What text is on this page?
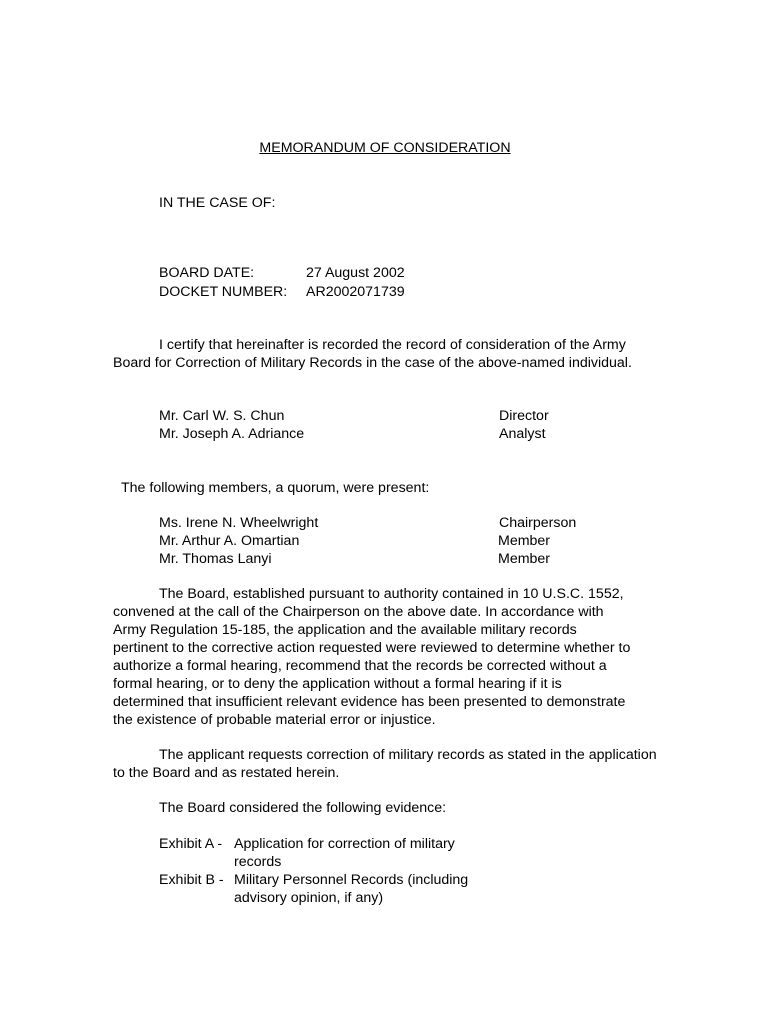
MEMORANDUM OF CONSIDERATION
IN THE CASE OF:
BOARD DATE:	27 August 2002
DOCKET NUMBER: AR2002071739
I certify that hereinafter is recorded the record of consideration of the Army Board for Correction of Military Records in the case of the above-named individual.
Mr. Carl W. S. Chun	Director
Mr. Joseph A. Adriance	Analyst
The following members, a quorum, were present:
Ms. Irene N. Wheelwright	Chairperson
Mr. Arthur A. Omartian	Member
Mr. Thomas Lanyi	Member
The Board, established pursuant to authority contained in 10 U.S.C. 1552, convened at the call of the Chairperson on the above date. In accordance with Army Regulation 15-185, the application and the available military records pertinent to the corrective action requested were reviewed to determine whether to authorize a formal hearing, recommend that the records be corrected without a formal hearing, or to deny the application without a formal hearing if it is determined that insufficient relevant evidence has been presented to demonstrate the existence of probable material error or injustice.
The applicant requests correction of military records as stated in the application to the Board and as restated herein.
The Board considered the following evidence:
Exhibit A - Application for correction of military records
Exhibit B - Military Personnel Records (including advisory opinion, if any)
